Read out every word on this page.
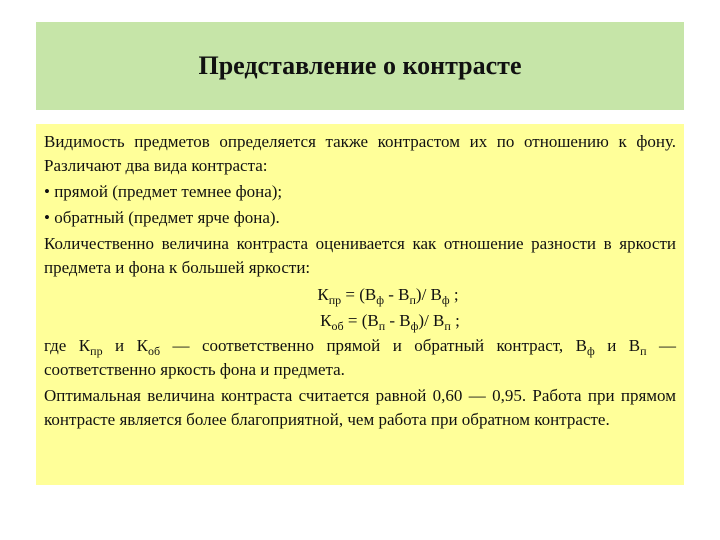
Представление о контрасте

Видимость предметов определяется также контрастом их по отношению к фону. Различают два вида контраста:

• прямой (предмет темнее фона);

• обратный (предмет ярче фона).

Количественно величина контраста оценивается как отношение разности в яркости предмета и фона к большей яркости:

$К_{пр} = (В_ф - В_п)/$ $В_ф$ ;

$К_{об} = (В_п - В_ф)/$ $В_п$ ;

где $К_{пр}$ и $К_{об}$ — соответственно прямой и обратный контраст, $В_ф$ и $В_п$ — соответственно яркость фона и предмета.

Оптимальная величина контраста считается равной 0,60 — 0,95. Работа при прямом контрасте является более благоприятной, чем работа при обратном контрасте.
